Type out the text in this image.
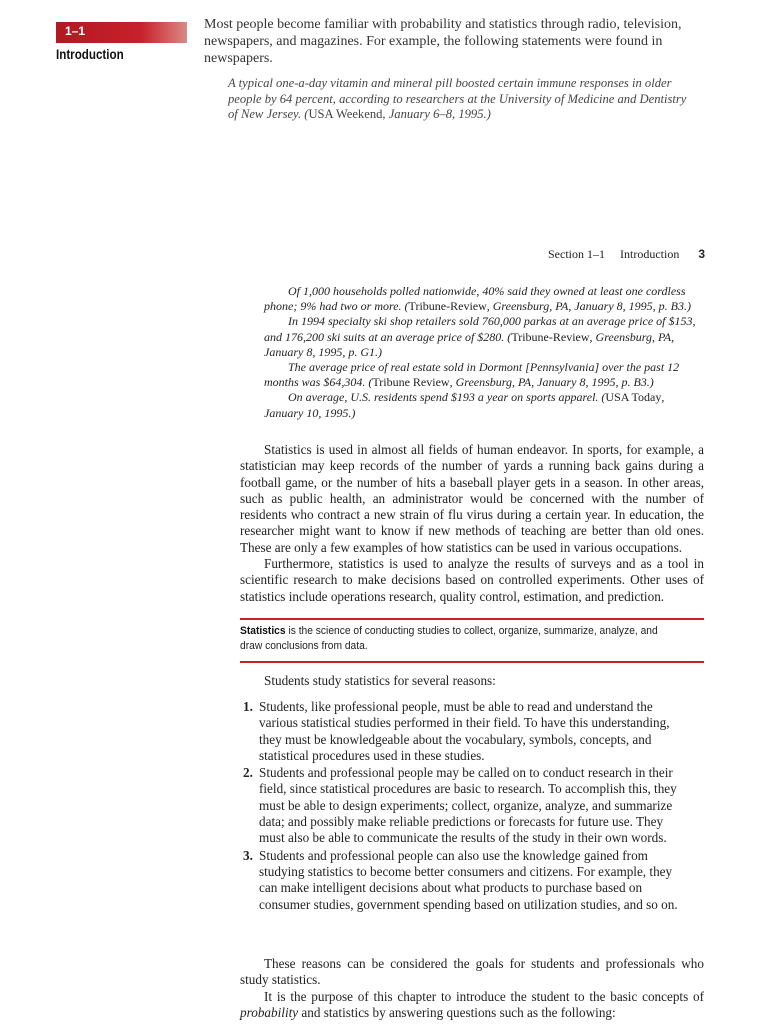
1–1
Introduction
Most people become familiar with probability and statistics through radio, television, newspapers, and magazines. For example, the following statements were found in newspapers.
A typical one-a-day vitamin and mineral pill boosted certain immune responses in older people by 64 percent, according to researchers at the University of Medicine and Dentistry of New Jersey. (USA Weekend, January 6–8, 1995.)
Section 1–1 Introduction 3

Of 1,000 households polled nationwide, 40% said they owned at least one cordless phone; 9% had two or more. (Tribune-Review, Greensburg, PA, January 8, 1995, p. B3.)

In 1994 specialty ski shop retailers sold 760,000 parkas at an average price of $153, and 176,200 ski suits at an average price of $280. (Tribune-Review, Greensburg, PA, January 8, 1995, p. G1.)

The average price of real estate sold in Dormont [Pennsylvania] over the past 12 months was $64,304. (Tribune Review, Greensburg, PA, January 8, 1995, p. B3.)

On average, U.S. residents spend $193 a year on sports apparel. (USA Today, January 10, 1995.)

Statistics is used in almost all fields of human endeavor. In sports, for example, a statistician may keep records of the number of yards a running back gains during a football game, or the number of hits a baseball player gets in a season. In other areas, such as public health, an administrator would be concerned with the number of residents who contract a new strain of flu virus during a certain year. In education, the researcher might want to know if new methods of teaching are better than old ones. These are only a few examples of how statistics can be used in various occupations.

Furthermore, statistics is used to analyze the results of surveys and as a tool in scientific research to make decisions based on controlled experiments. Other uses of statistics include operations research, quality control, estimation, and prediction.

Statistics is the science of conducting studies to collect, organize, summarize, analyze, and draw conclusions from data.

Students study statistics for several reasons:

1. Students, like professional people, must be able to read and understand the various statistical studies performed in their field. To have this understanding, they must be knowledgeable about the vocabulary, symbols, concepts, and statistical procedures used in these studies.
2. Students and professional people may be called on to conduct research in their field, since statistical procedures are basic to research. To accomplish this, they must be able to design experiments; collect, organize, analyze, and summarize data; and possibly make reliable predictions or forecasts for future use. They must also be able to communicate the results of the study in their own words.
3. Students and professional people can also use the knowledge gained from studying statistics to become better consumers and citizens. For example, they can make intelligent decisions about what products to purchase based on consumer studies, government spending based on utilization studies, and so on.

These reasons can be considered the goals for students and professionals who study statistics.

It is the purpose of this chapter to introduce the student to the basic concepts of probability and statistics by answering questions such as the following:
